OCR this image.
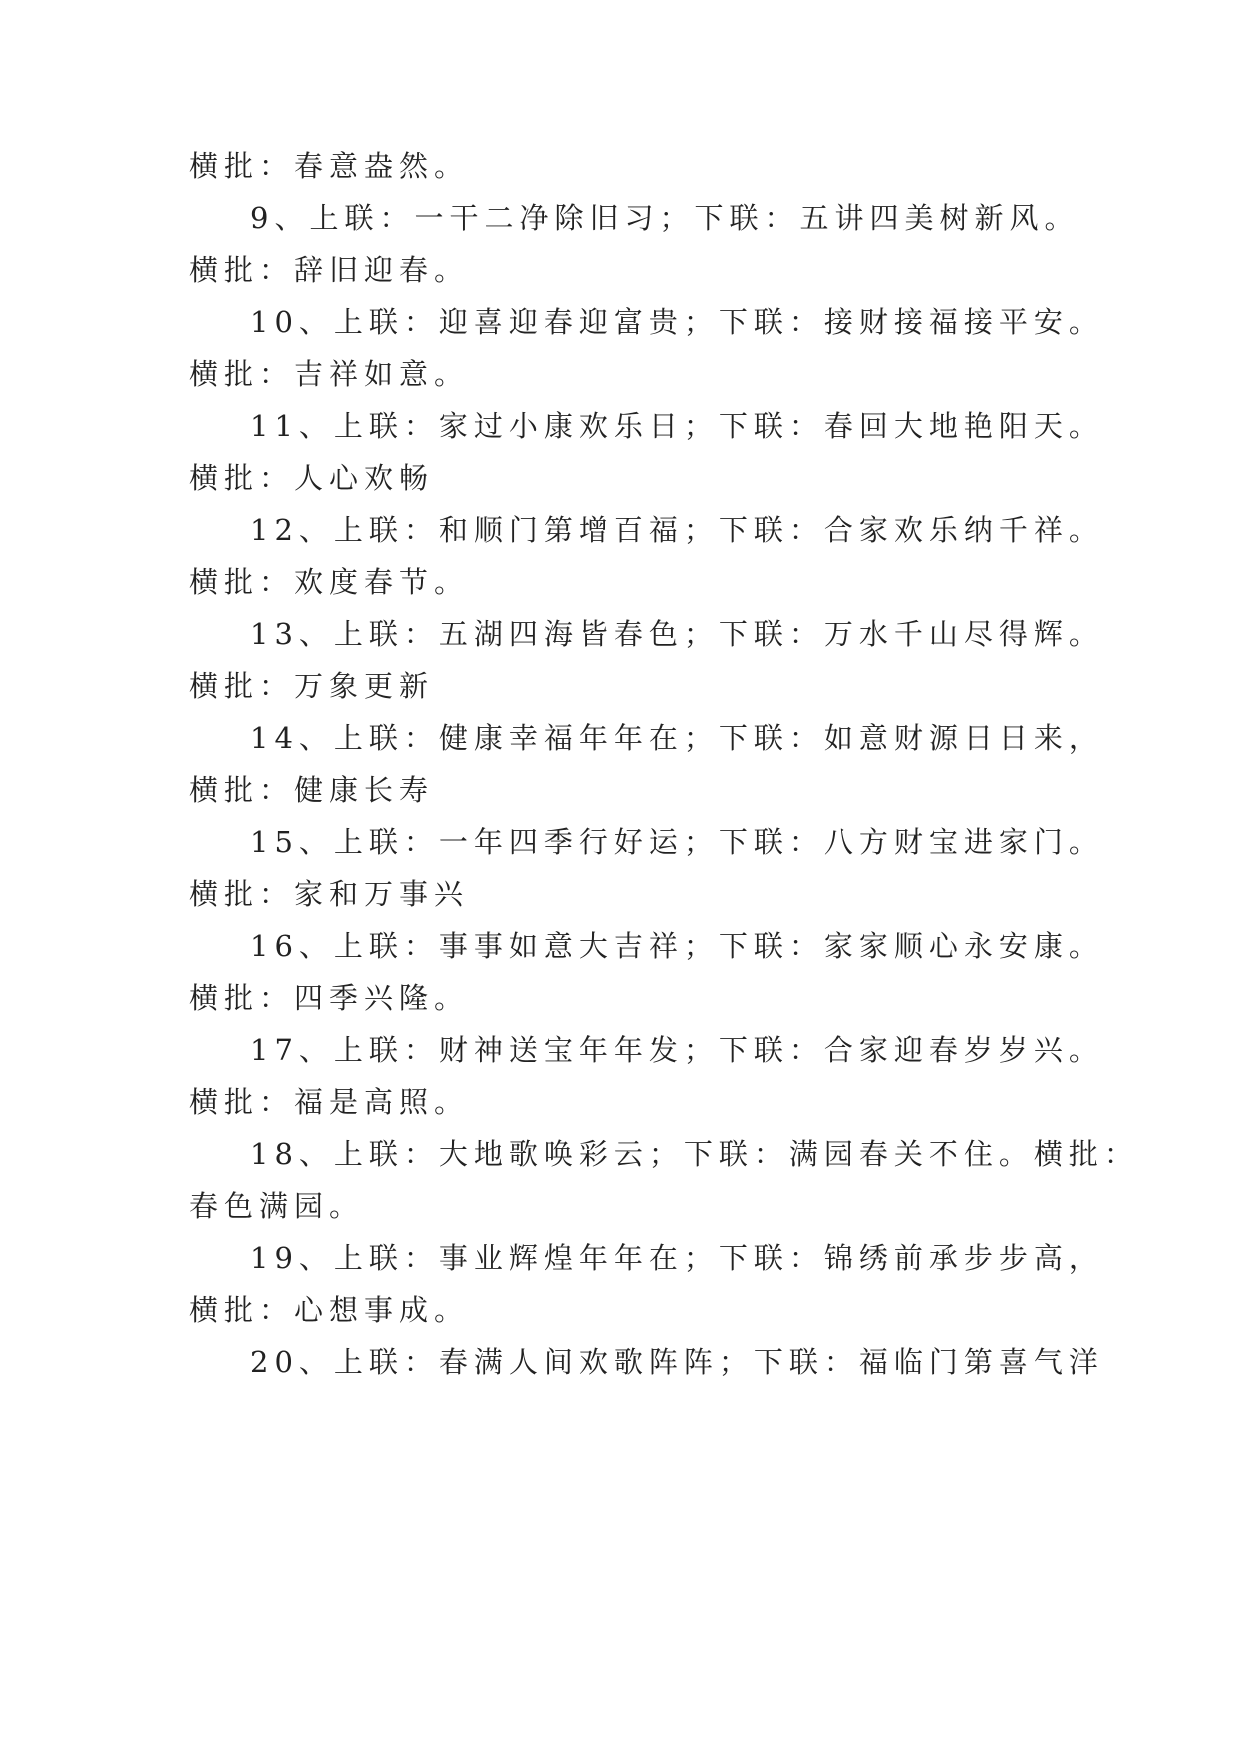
横批：春意盎然。

9、上联：一干二净除旧习；下联：五讲四美树新风。

横批：辞旧迎春。

10、上联：迎喜迎春迎富贵；下联：接财接福接平安。

横批：吉祥如意。

11、上联：家过小康欢乐日；下联：春回大地艳阳天。

横批：人心欢畅

12、上联：和顺门第增百福；下联：合家欢乐纳千祥。

横批：欢度春节。

13、上联：五湖四海皆春色；下联：万水千山尽得辉。

横批：万象更新

14、上联：健康幸福年年在；下联：如意财源日日来，

横批：健康长寿

15、上联：一年四季行好运；下联：八方财宝进家门。

横批：家和万事兴

16、上联：事事如意大吉祥；下联：家家顺心永安康。

横批：四季兴隆。

17、上联：财神送宝年年发；下联：合家迎春岁岁兴。

横批：福是高照。

18、上联：大地歌唤彩云；下联：满园春关不住。横批：

春色满园。

19、上联：事业辉煌年年在；下联：锦绣前承步步高，

横批：心想事成。

20、上联：春满人间欢歌阵阵；下联：福临门第喜气洋
